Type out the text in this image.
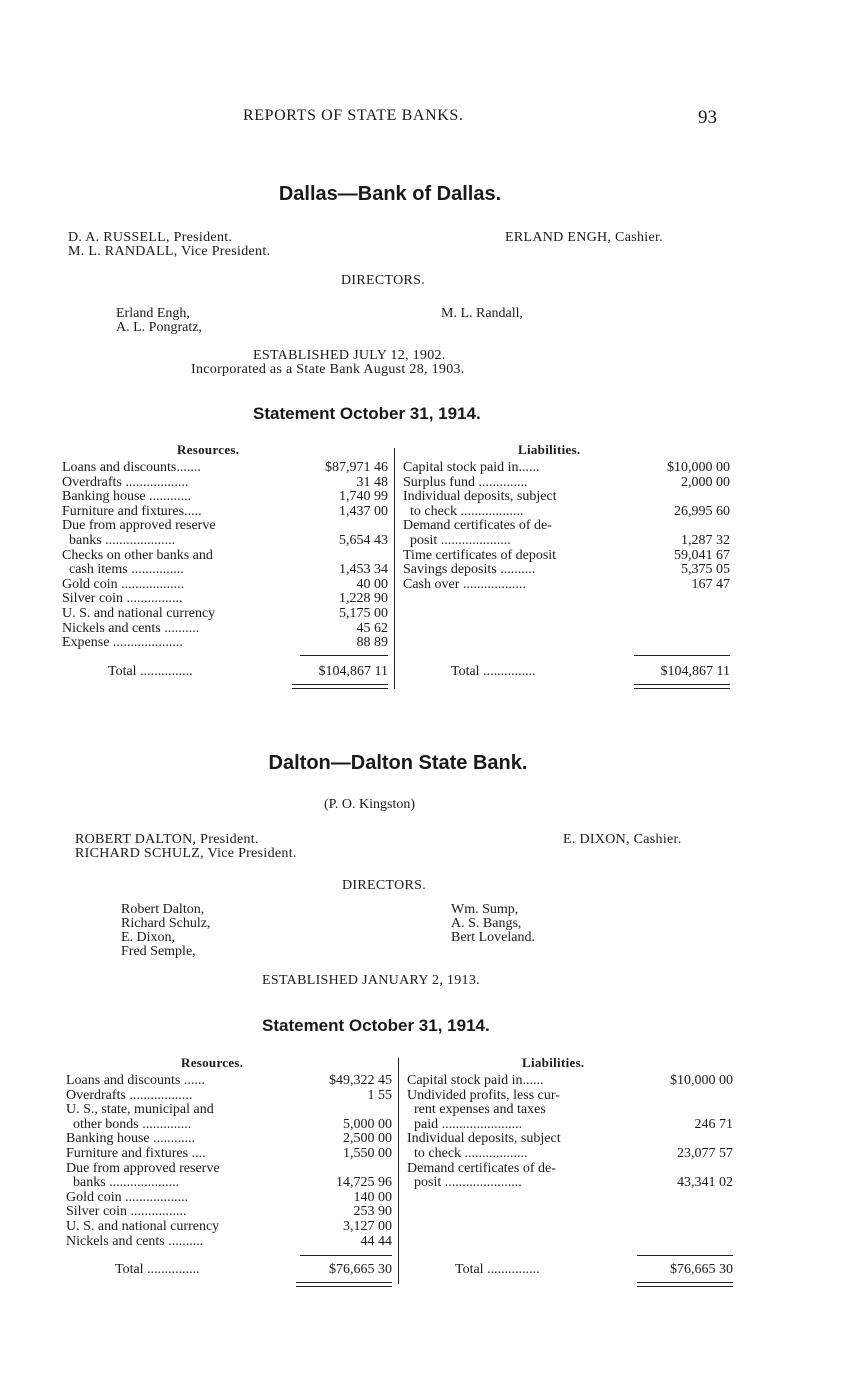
REPORTS OF STATE BANKS.	93
Dallas—Bank of Dallas.
D. A. RUSSELL, President.
M. L. RANDALL, Vice President.
ERLAND ENGH, Cashier.
DIRECTORS.
Erland Engh,
A. L. Pongratz,
M. L. Randall,
ESTABLISHED JULY 12, 1902.
Incorporated as a State Bank August 28, 1903.
Statement October 31, 1914.
Resources.	Liabilities.
Loans and discounts.......	$87,971 46
Overdrafts ..................	31 48
Banking house ............	1,740 99
Furniture and fixtures.....	1,437 00
Due from approved reserve
banks ....................	5,654 43
Checks on other banks and
cash items ...............	1,453 34
Gold coin ..................	40 00
Silver coin ................	1,228 90
U. S. and national currency	5,175 00
Nickels and cents ..........	45 62
Expense ....................	88 89
Capital stock paid in......	$10,000 00
Surplus fund ..............	2,000 00
Individual deposits, subject
to check ..................	26,995 60
Demand certificates of de-
posit ....................	1,287 32
Time certificates of deposit	59,041 67
Savings deposits ..........	5,375 05
Cash over ..................	167 47
Total ...............	$104,867 11	Total ...............	$104,867 11
Dalton—Dalton State Bank.
(P. O. Kingston)
ROBERT DALTON, President.
RICHARD SCHULZ, Vice President.
E. DIXON, Cashier.
DIRECTORS.
Robert Dalton,
Richard Schulz,
E. Dixon,
Fred Semple,
Wm. Sump,
A. S. Bangs,
Bert Loveland.
ESTABLISHED JANUARY 2, 1913.
Statement October 31, 1914.
Resources.	Liabilities.
Loans and discounts ......	$49,322 45
Overdrafts ..................	1 55
U. S., state, municipal and
other bonds ..............	5,000 00
Banking house ............	2,500 00
Furniture and fixtures ....	1,550 00
Due from approved reserve
banks ....................	14,725 96
Gold coin ..................	140 00
Silver coin ................	253 90
U. S. and national currency	3,127 00
Nickels and cents ..........	44 44
Capital stock paid in......	$10,000 00
Undivided profits, less cur-
rent expenses and taxes
paid .......................	246 71
Individual deposits, subject
to check ..................	23,077 57
Demand certificates of de-
posit ......................	43,341 02
Total ...............	$76,665 30	Total ...............	$76,665 30
